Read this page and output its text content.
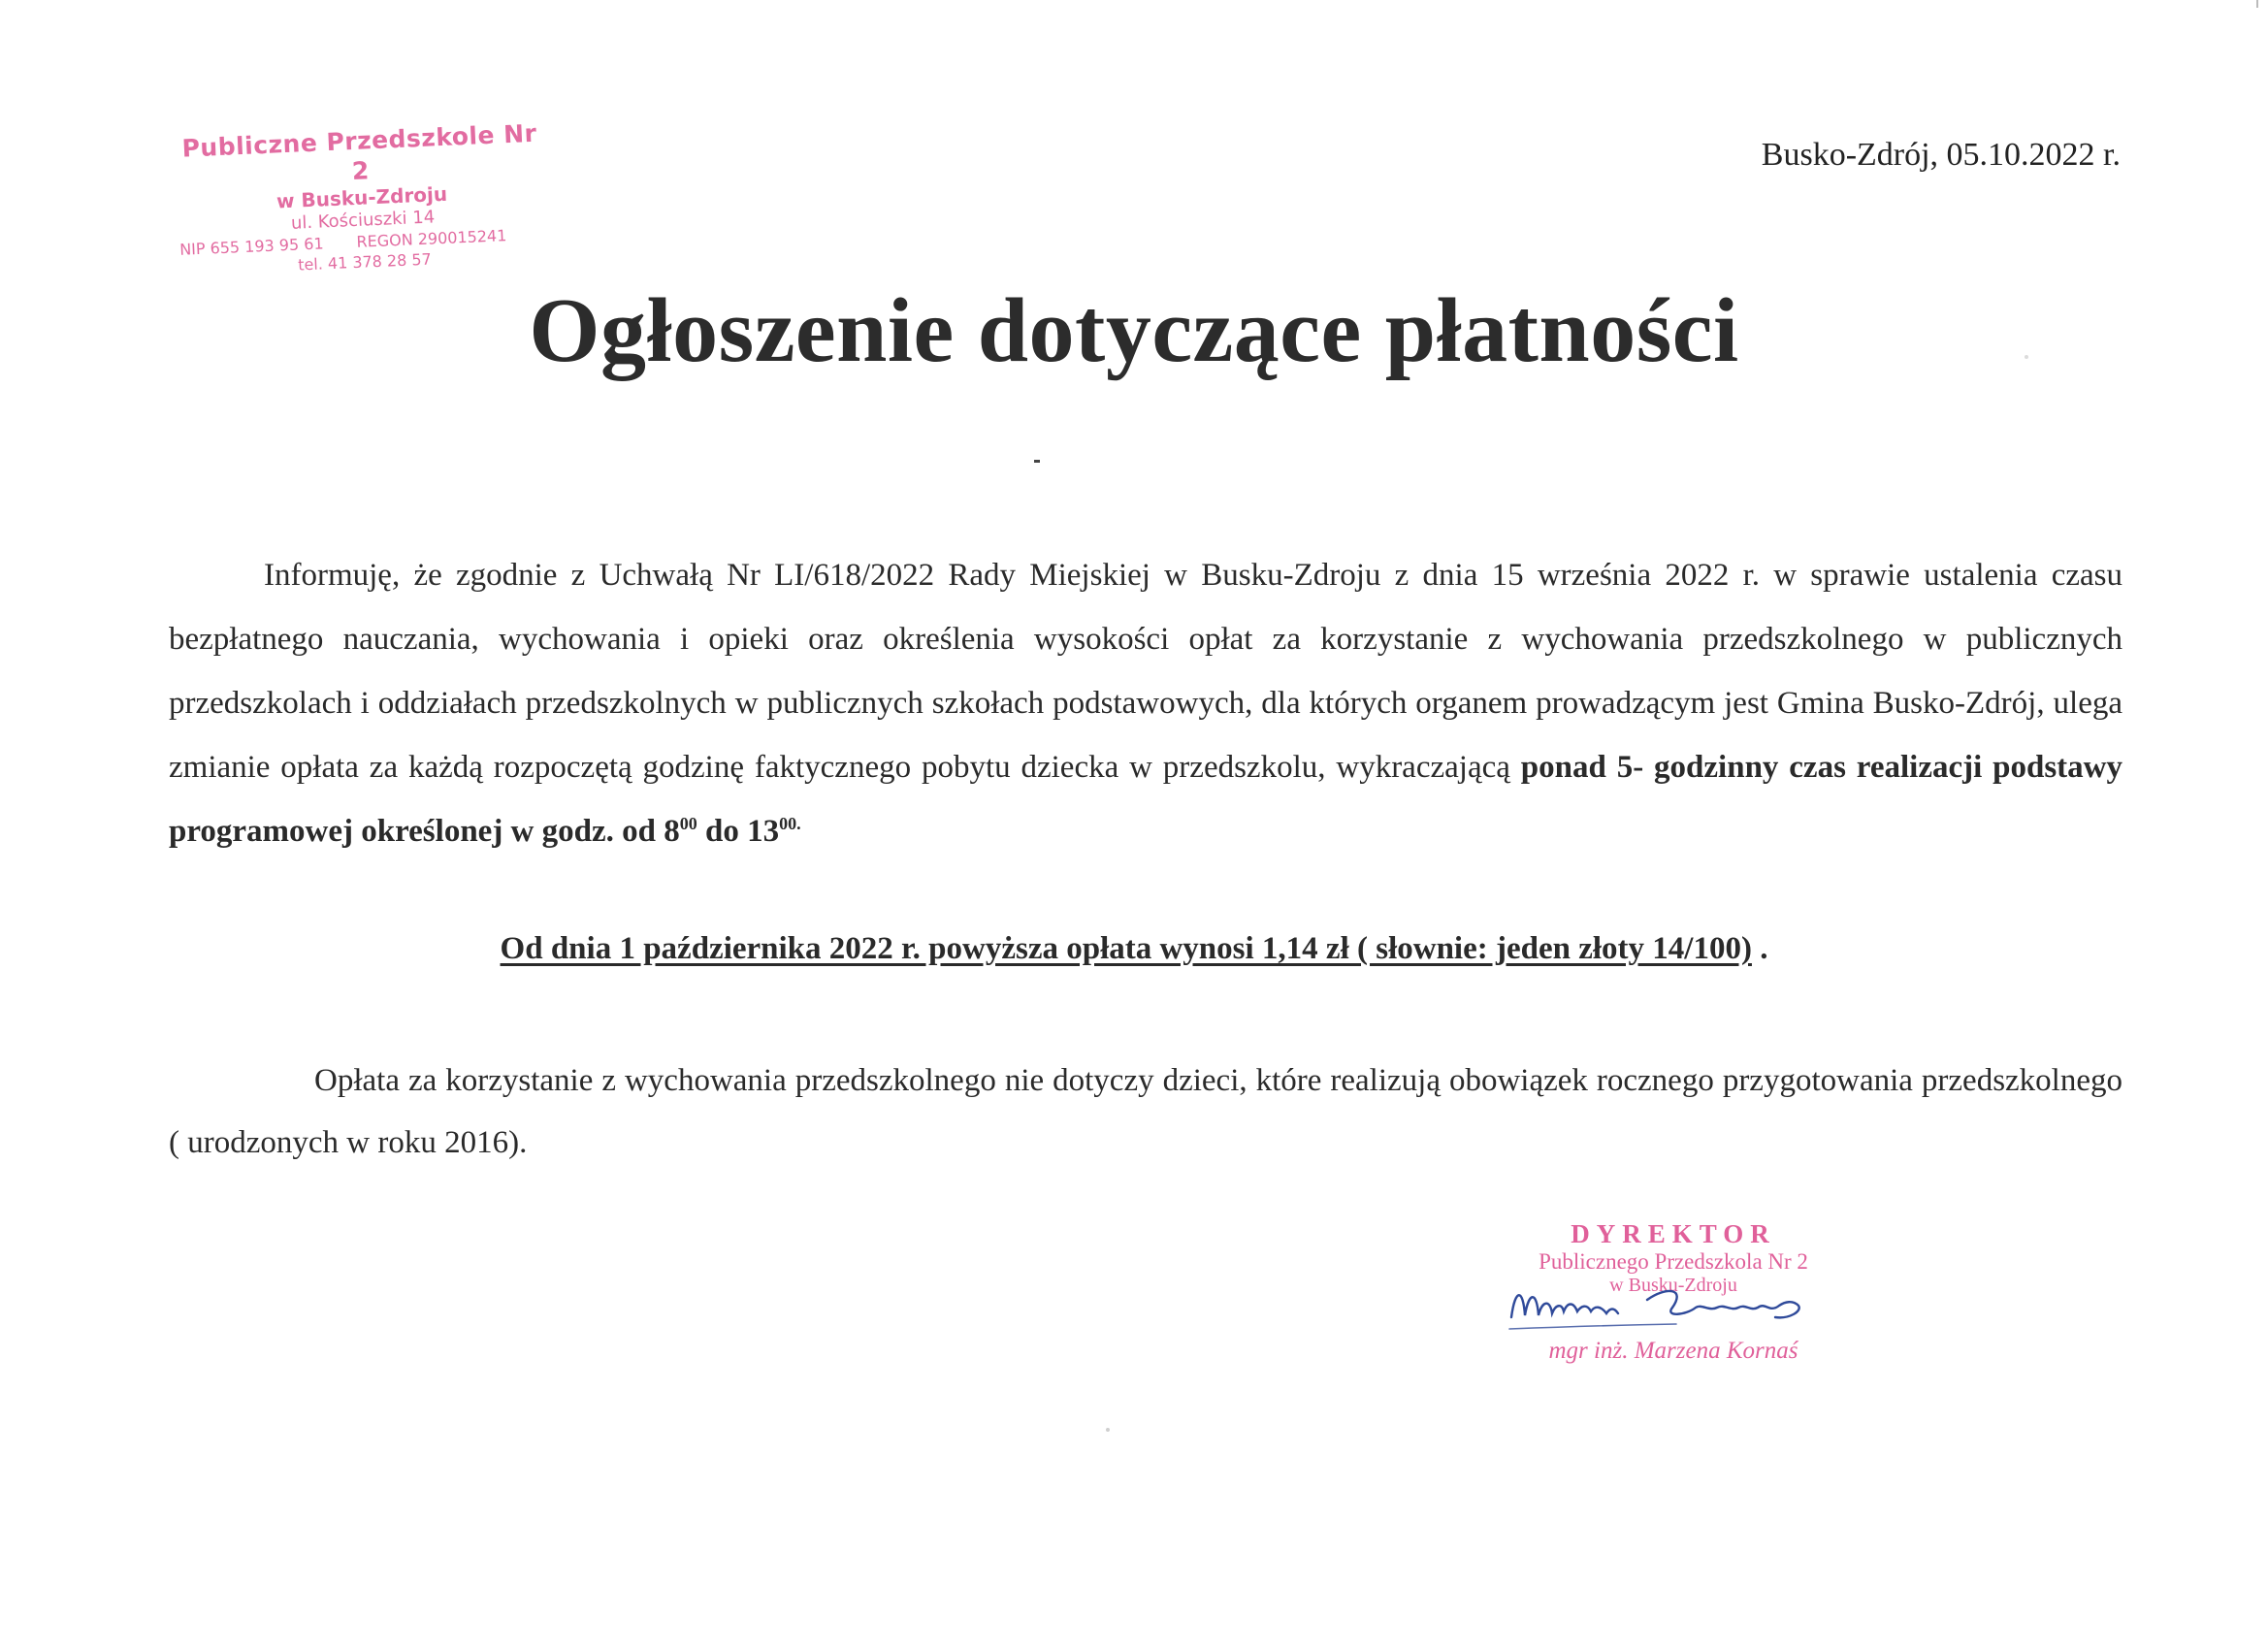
Publiczne Przedszkole Nr 2
w Busku-Zdroju
ul. Kościuszki 14
NIP 655 193 95 61 REGON 290015241
tel. 41 378 28 57
Busko-Zdrój, 05.10.2022 r.
Ogłoszenie dotyczące płatności

Informuję, że zgodnie z Uchwałą Nr LI/618/2022 Rady Miejskiej w Busku-Zdroju z dnia 15 września 2022 r. w sprawie ustalenia czasu bezpłatnego nauczania, wychowania i opieki oraz określenia wysokości opłat za korzystanie z wychowania przedszkolnego w publicznych przedszkolach i oddziałach przedszkolnych w publicznych szkołach podstawowych, dla których organem prowadzącym jest Gmina Busko-Zdrój, ulega zmianie opłata za każdą rozpoczętą godzinę faktycznego pobytu dziecka w przedszkolu, wykraczającą ponad 5- godzinny czas realizacji podstawy programowej określonej w godz. od $8^{00}$ do $13^{00.}$

Od dnia 1 października 2022 r. powyższa opłata wynosi 1,14 zł ( słownie: jeden złoty 14/100) .

Opłata za korzystanie z wychowania przedszkolnego nie dotyczy dzieci, które realizują obowiązek rocznego przygotowania przedszkolnego ( urodzonych w roku 2016).

DYREKTOR
Publicznego Przedszkola Nr 2
w Busku-Zdroju
mgr inż. Marzena Kornaś
